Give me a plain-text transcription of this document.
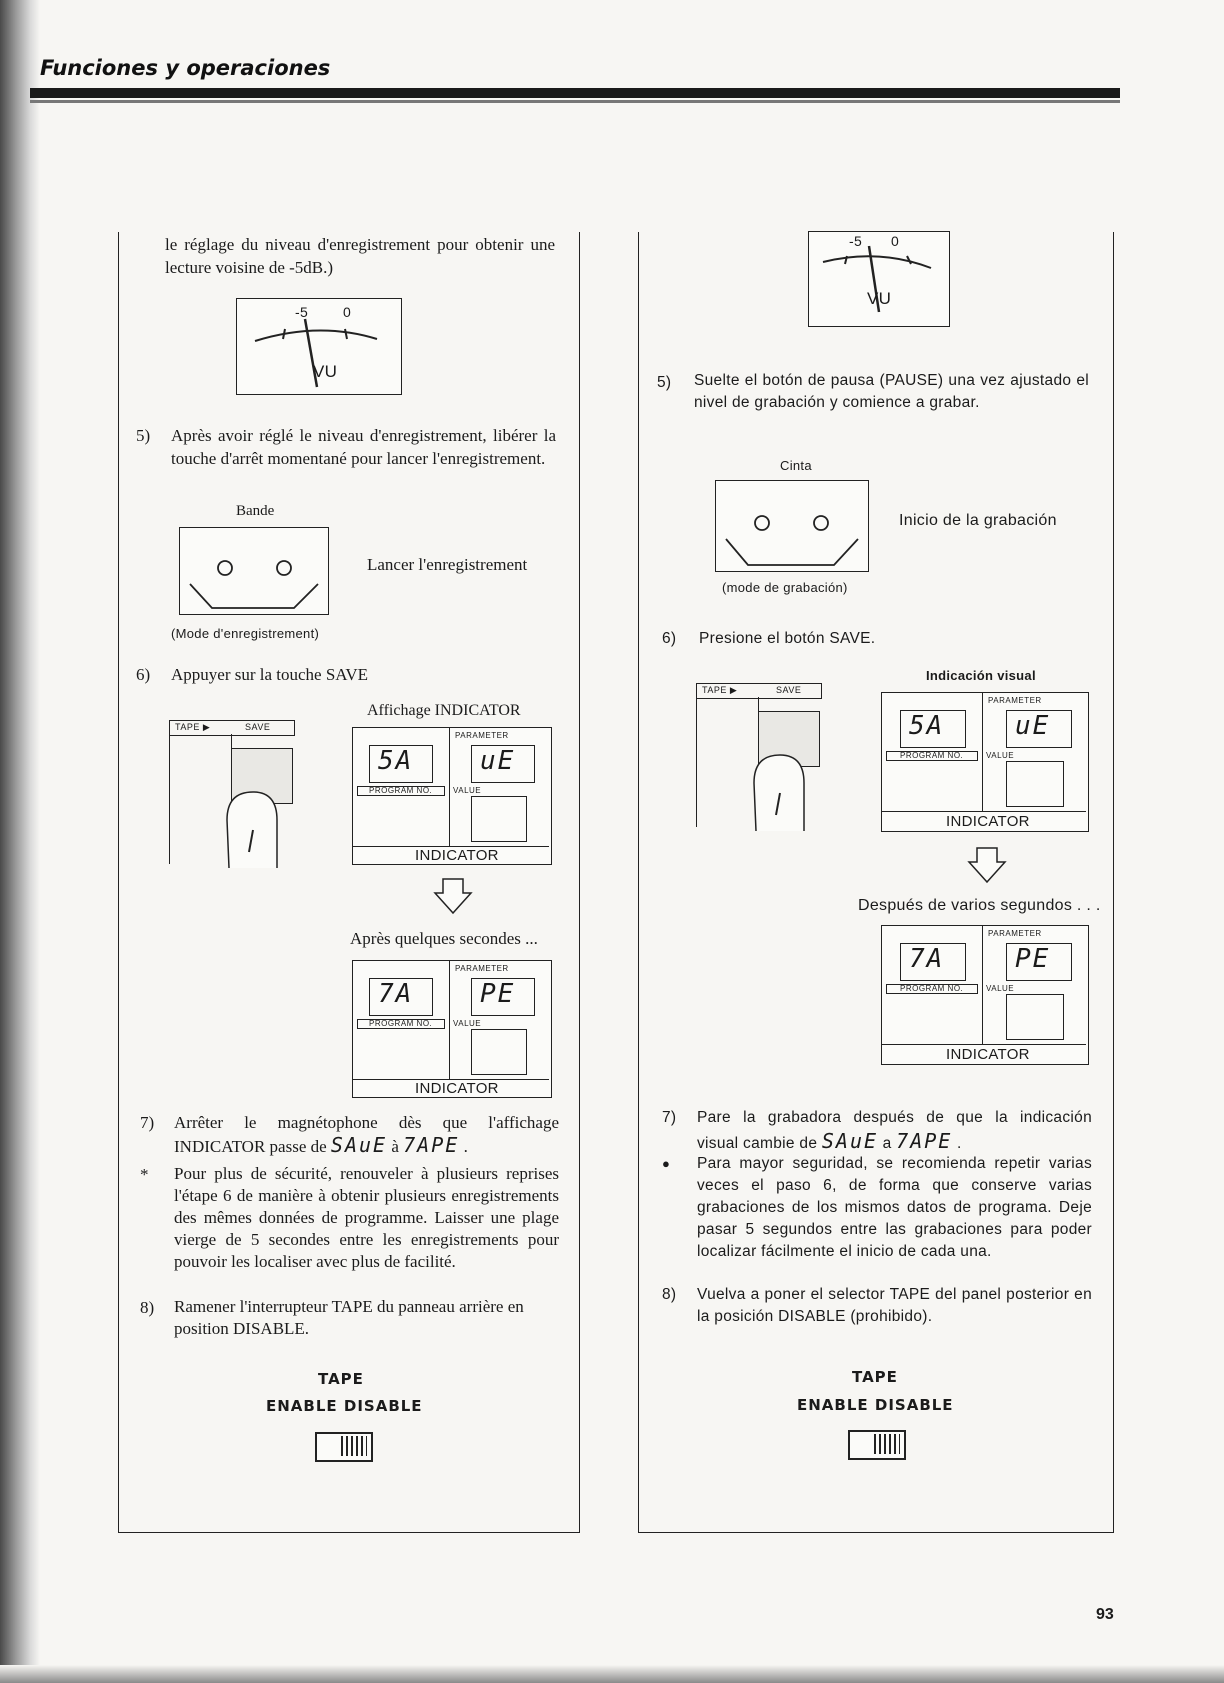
Funciones y operaciones
le réglage du niveau d'enregistrement pour obtenir une lecture voisine de -5dB.)
-5 0
VU
5) Après avoir réglé le niveau d'enregistrement, libérer la touche d'arrêt momentané pour lancer l'enregistrement.
Bande
Lancer l'enregistrement
(Mode d'enregistrement)
6) Appuyer sur la touche SAVE
Affichage INDICATOR
TAPE ▶	SAVE
PARAMETER
5A	uE
PROGRAM NO.	VALUE
INDICATOR
Après quelques secondes ...
PARAMETER
7A	PE
PROGRAM NO.	VALUE
INDICATOR
7) Arrêter le magnétophone dès que l'affichage
INDICATOR passe de SAuE à 7APE .
* Pour plus de sécurité, renouveler à plusieurs reprises l'étape 6 de manière à obtenir plusieurs enregistrements des mêmes données de programme. Laisser une plage vierge de 5 secondes entre les enregistrements pour pouvoir les localiser avec plus de facilité.
8) Ramener l'interrupteur TAPE du panneau arrière en position DISABLE.
TAPE
ENABLE DISABLE
-5 0
VU
5) Suelte el botón de pausa (PAUSE) una vez ajustado el nivel de grabación y comience a grabar.
Cinta
Inicio de la grabación
(mode de grabación)
6) Presione el botón SAVE.
Indicación visual
TAPE ▶	SAVE
PARAMETER
5A	uE
PROGRAM NO.	VALUE
INDICATOR
Después de varios segundos . . .
PARAMETER
7A	PE
PROGRAM NO.	VALUE
INDICATOR
7) Pare la grabadora después de que la indicación
visual cambie de SAuE a 7APE .
● Para mayor seguridad, se recomienda repetir varias veces el paso 6, de forma que conserve varias grabaciones de los mismos datos de programa. Deje pasar 5 segundos entre las grabaciones para poder localizar fácilmente el inicio de cada una.
8) Vuelva a poner el selector TAPE del panel posterior en la posición DISABLE (prohibido).
TAPE
ENABLE DISABLE
93
